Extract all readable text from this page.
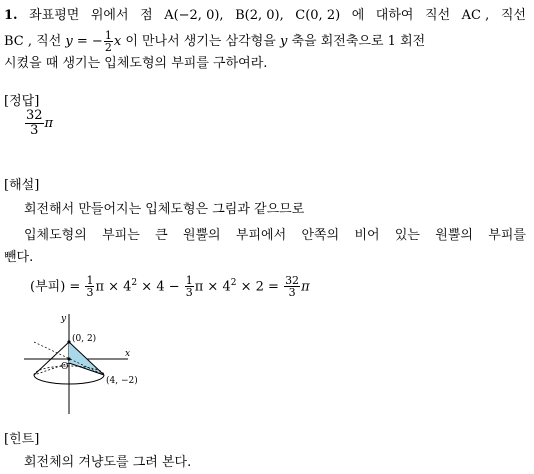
1. 좌표평면 위에서 점 A(−2, 0), B(2, 0), C(0, 2) 에 대하여 직선 AC , 직선
BC , 직선 y = − $\frac{1}{2}$ x 이 만나서 생기는 삼각형을 y 축을 회전축으로 1 회전
시켰을 때 생기는 입체도형의 부피를 구하여라.
[정답]
$\frac{32}{3}$ π
[해설]
회전해서 만들어지는 입체도형은 그림과 같으므로
입체도형의 부피는 큰 원뿔의 부피에서 안쪽의 비어 있는 원뿔의 부피를
뺀다.
(부피) = $\frac{1}{3}$ $\pi \times 4^2 \times 4 - \frac{1}{3}$ $\pi \times 4^2 \times 2 = \frac{32}{3}$ π
y
x
O
(0, 2)
(4, −2)
[힌트]
회전체의 겨냥도를 그려 본다.
